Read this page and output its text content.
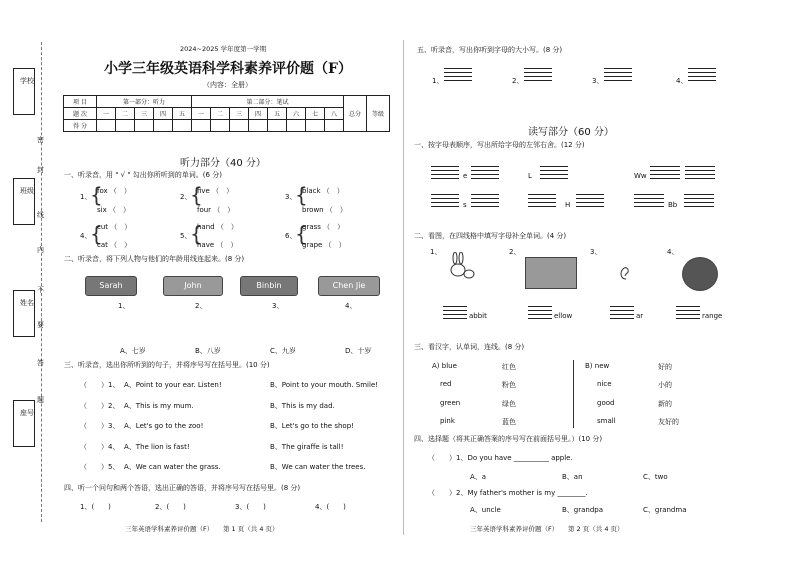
学校
班级
姓名
座号
密
封
线
内
不
要
答
题
2024~2025 学年度第一学期
小学三年级英语科学科素养评价题（F）
（内容：全册）
项 目	第一部分：听力					第二部分：笔试								总分	等级
题 次	一	二	三	四	五	一	二	三	四	五	六	七	八		
得 分															
听力部分（40 分）
一、听录音，用 " √ " 勾出你所听到的单词。(6 分)
1、
{
fox （　）
six （　）
2、
{
five （　）
four （　）
3、
{
black （　）
brown （　）
4、
{
cut （　）
cat （　）
5、
{
hand （　）
have （　）
6、
{
grass （　）
grape （　）
二、听录音，将下列人物与他们的年龄用线连起来。(8 分)
Sarah	John	Binbin	Chen Jie
1、	2、	3、	4、
A、七岁	B、八岁	C、九岁	D、十岁
三、听录音，选出你所听到的句子，并将序号写在括号里。(10 分)
（　　）1、 A、Point to your ear. Listen!	B、Point to your mouth. Smile!
（　　）2、 A、This is my mum.	B、This is my dad.
（　　）3、 A、Let's go to the zoo!	B、Let's go to the shop!
（　　）4、 A、The lion is fast!	B、The giraffe is tall!
（　　）5、 A、We can water the grass.	B、We can water the trees.
四、听一个问句和两个答语，选出正确的答语，并将序号写在括号里。(8 分)
1、(　　)	2、(　　)	3、(　　)	4、(　　)
三年英语学科素养评价题（F）　　第 1 页（共 4 页）
五、听录音，写出你听到字母的大小写。(8 分)
1、	2、	3、	4、
读写部分（60 分）
一、按字母表顺序，写出所给字母的左邻右舍。(12 分)
e	L	Ww
s	H	Bb
二、看图，在四线格中填写字母补全单词。(4 分)
1、	2、	3、	4、
abbit	ellow	ar	range
三、看汉字，认单词，连线。(8 分)
A) blue
red
green
pink
红色
粉色
绿色
蓝色
B) new
nice
good
small
好的
小的
新的
友好的
四、选择题（将其正确答案的序号写在前面括号里。）(10 分)
（　　）1、Do you have __________ apple.
A、a	B、an	C、two
（　　）2、My father's mother is my ________.
A、uncle	B、grandpa	C、grandma
三年英语学科素养评价题（F）　　第 2 页（共 4 页）
